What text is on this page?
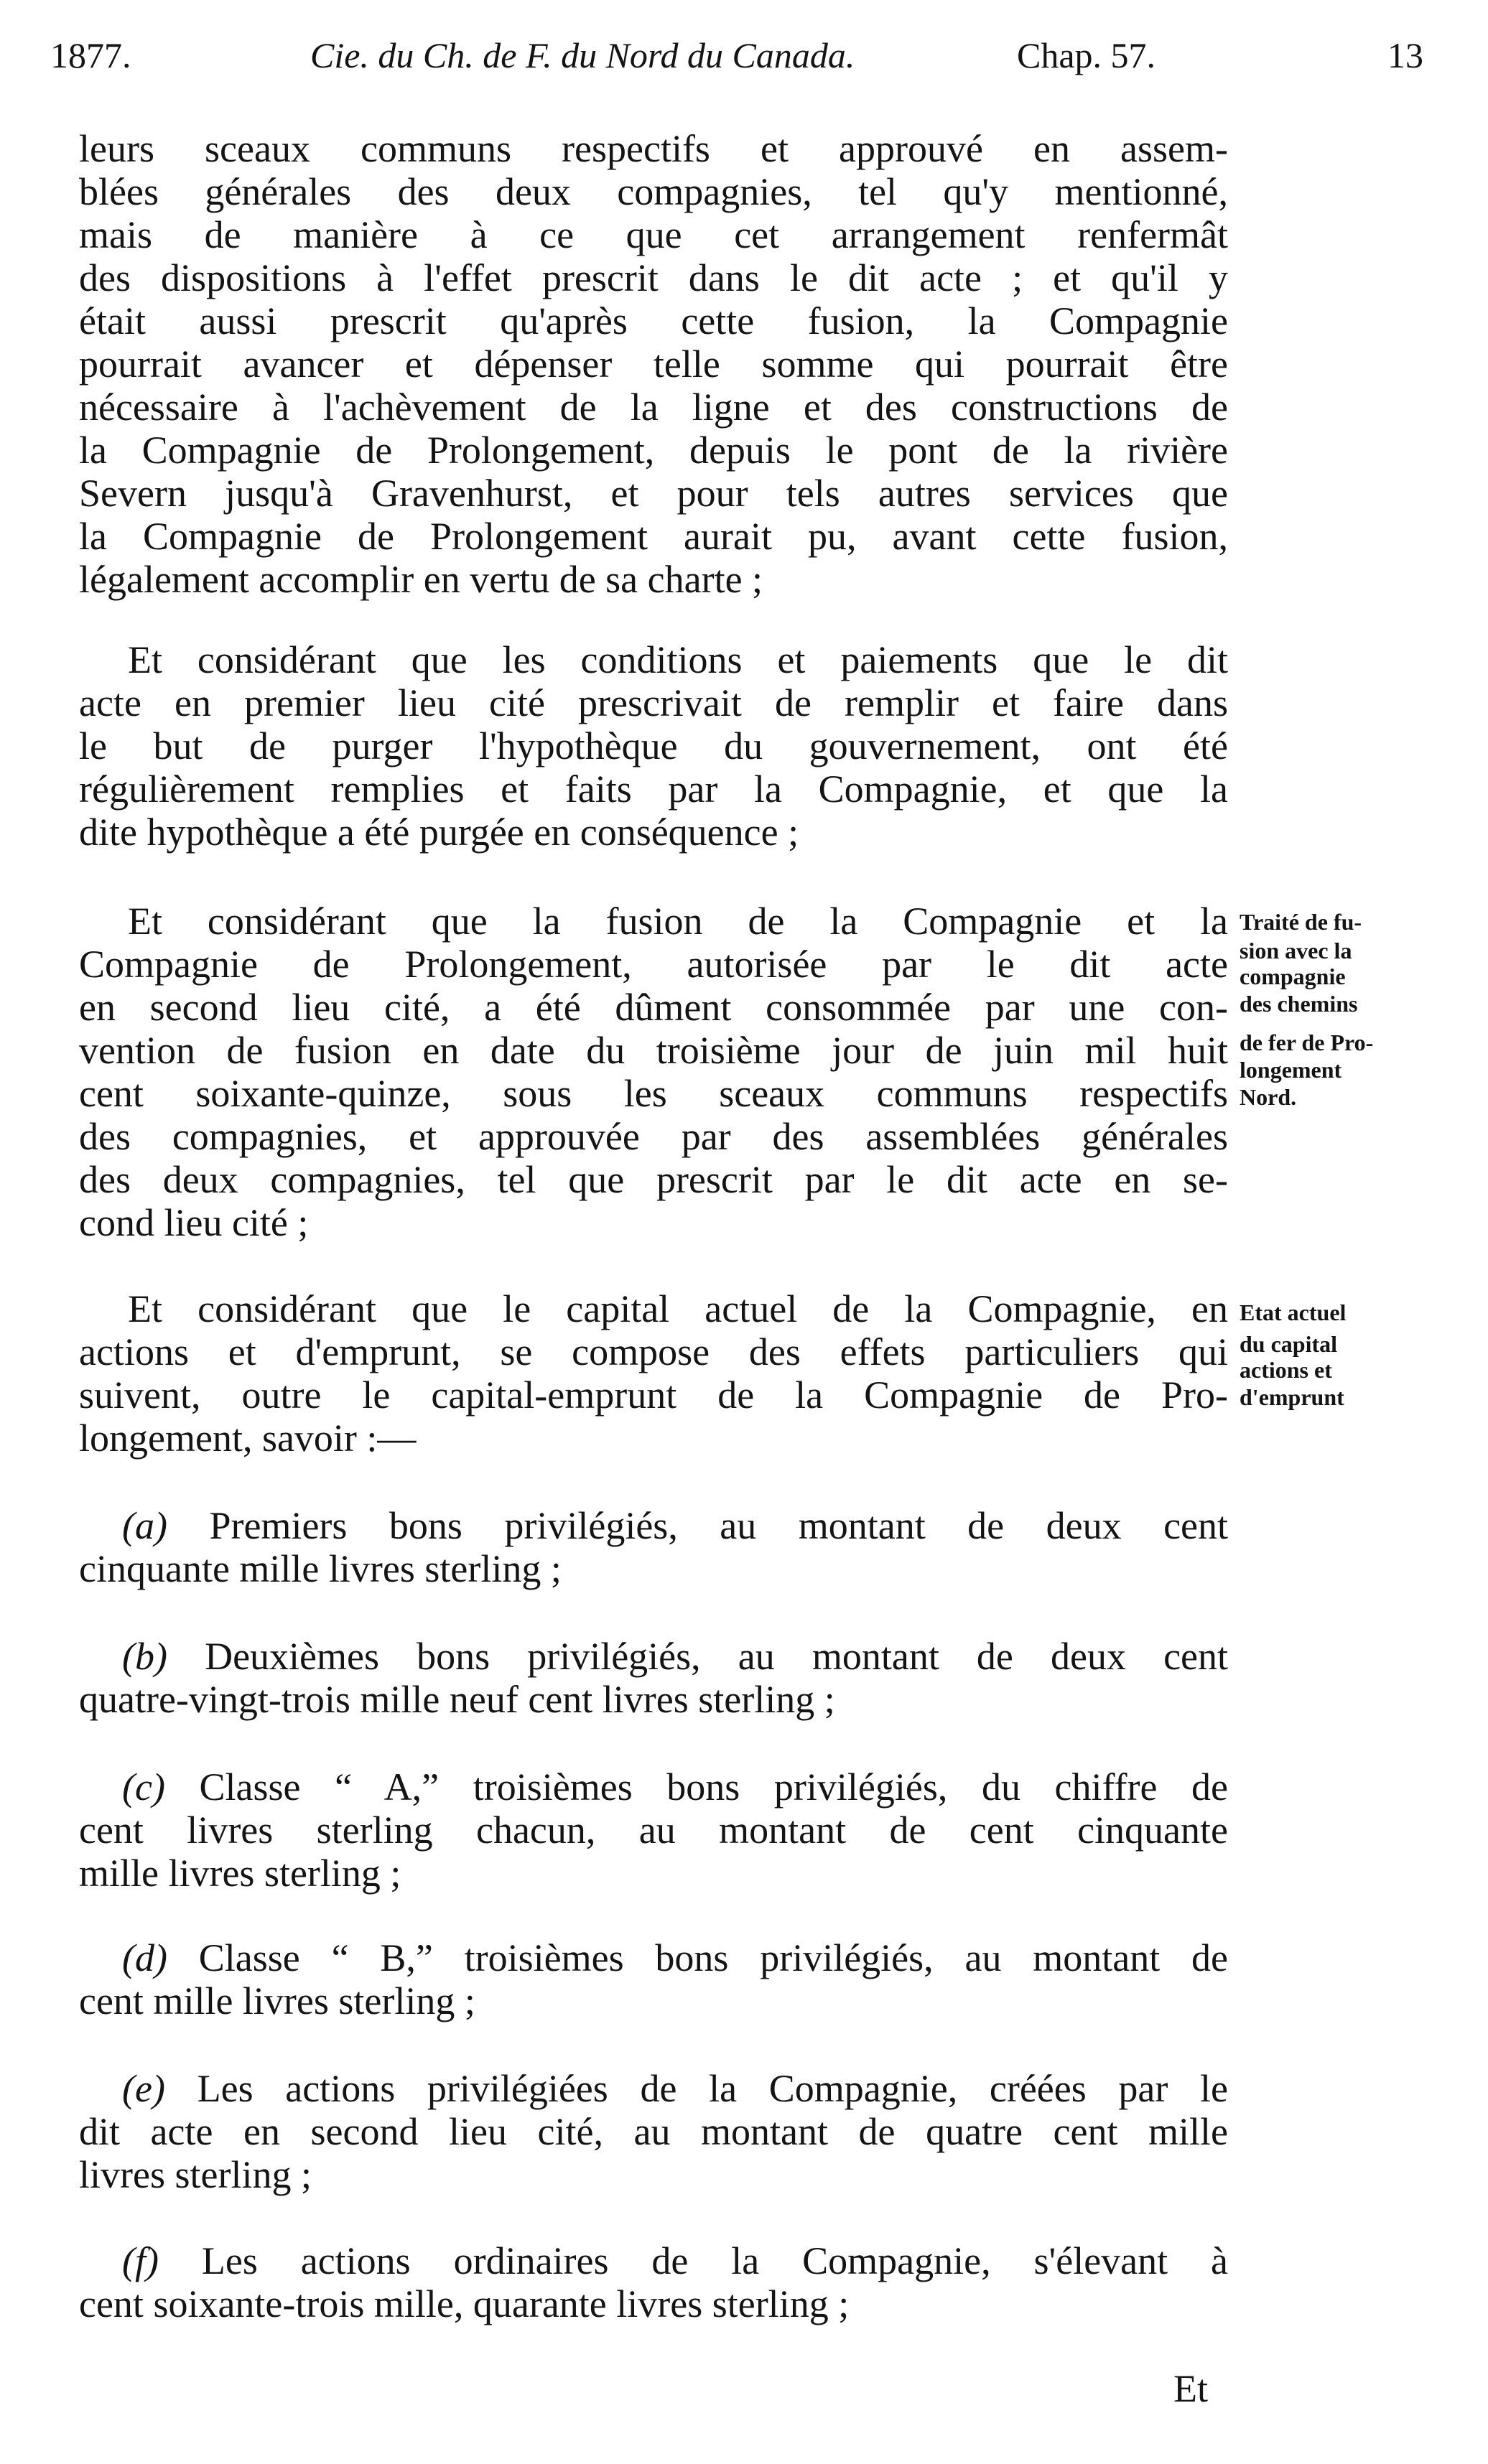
1877.	Cie. du Ch. de F. du Nord du Canada.	Chap. 57.	13
leurs sceaux communs respectifs et approuvé en assem-
blées générales des deux compagnies, tel qu'y mentionné,
mais de manière à ce que cet arrangement renfermât
des dispositions à l'effet prescrit dans le dit acte ; et qu'il y
était aussi prescrit qu'après cette fusion, la Compagnie
pourrait avancer et dépenser telle somme qui pourrait être
nécessaire à l'achèvement de la ligne et des constructions de
la Compagnie de Prolongement, depuis le pont de la rivière
Severn jusqu'à Gravenhurst, et pour tels autres services que
la Compagnie de Prolongement aurait pu, avant cette fusion,
légalement accomplir en vertu de sa charte ;
Et considérant que les conditions et paiements que le dit
acte en premier lieu cité prescrivait de remplir et faire dans
le but de purger l'hypothèque du gouvernement, ont été
régulièrement remplies et faits par la Compagnie, et que la
dite hypothèque a été purgée en conséquence ;
Et considérant que la fusion de la Compagnie et la
Compagnie de Prolongement, autorisée par le dit acte
en second lieu cité, a été dûment consommée par une con-
vention de fusion en date du troisième jour de juin mil huit
cent soixante-quinze, sous les sceaux communs respectifs
des compagnies, et approuvée par des assemblées générales
des deux compagnies, tel que prescrit par le dit acte en se-
cond lieu cité ;
Traité de fu-
sion avec la
compagnie
des chemins
de fer de Pro-
longement
Nord.
Et considérant que le capital actuel de la Compagnie, en
actions et d'emprunt, se compose des effets particuliers qui
suivent, outre le capital-emprunt de la Compagnie de Pro-
longement, savoir :—
Etat actuel
du capital
actions et
d'emprunt
(a) Premiers bons privilégiés, au montant de deux cent
cinquante mille livres sterling ;
(b) Deuxièmes bons privilégiés, au montant de deux cent
quatre-vingt-trois mille neuf cent livres sterling ;
(c) Classe “ A,” troisièmes bons privilégiés, du chiffre de
cent livres sterling chacun, au montant de cent cinquante
mille livres sterling ;
(d) Classe “ B,” troisièmes bons privilégiés, au montant de
cent mille livres sterling ;
(e) Les actions privilégiées de la Compagnie, créées par le
dit acte en second lieu cité, au montant de quatre cent mille
livres sterling ;
(f) Les actions ordinaires de la Compagnie, s'élevant à
cent soixante-trois mille, quarante livres sterling ;
Et
